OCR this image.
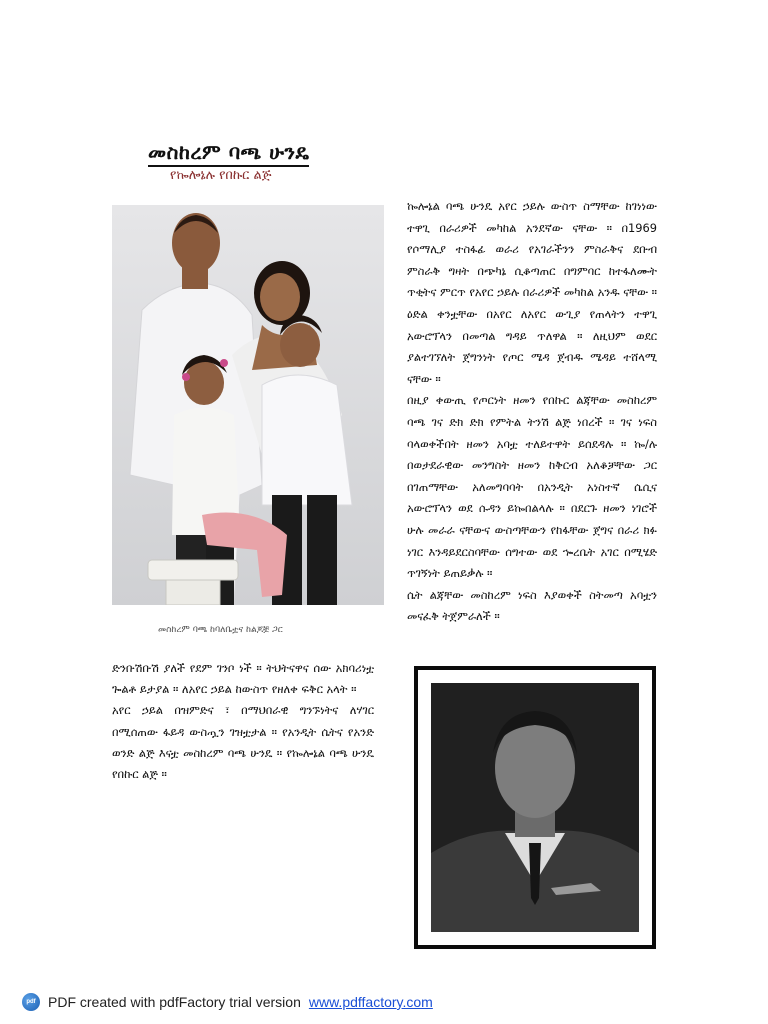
መስከረም ባጫ ሁንዴ
የኰሎኔሉ የበኩር ልጅ
መስከረም ባጫ ከባለቤቷና ከልጆቿ ጋር

ድንቡሽቡሽ ያለች የደም ገንቦ ነች ። ትህትናዋና ሰው አክባሪነቷ ጐልቶ ይታያል ። ለአየር ኃይል ከውስጥ የዘለቀ ፍቅር አላት ።

አየር ኃይል በዝምድና ፣ በማህበራዊ ግንኙነትና ለሃገር በሚሰጠው ፋይዳ ውስጧን ገዝቷታል ። የአንዲት ሴትና የአንድ ወንድ ልጅ እናቷ መስከረም ባጫ ሁንዴ ። የኰሎኔል ባጫ ሁንዴ የበኩር ልጅ ።

ኰሎኔል ባጫ ሁንዴ አየር ኃይሉ ውስጥ ስማቸው ከገነነው ተዋጊ በራሪዎች መካከል አንደኛው ናቸው ። በ1969 የሶማሊያ ተስፋፊ ወራሪ የአገራችንን ምስራቅና ደቡብ ምስራቅ ግዛት በጭካኔ ሲቆጣጠር በግምባር ከተፋለሙት ጥቂትና ምርጥ የአየር ኃይሉ በራሪዎች መካከል አንዱ ናቸው ። ዕድል ቀንቷቸው በአየር ለአየር ውጊያ የጠላትን ተዋጊ አውሮፕላን በመጣል ግዳይ ጥለዋል ። ለዚህም ወደር ያልተገኘለት ጀግንነት የጦር ሜዳ ጀብዱ ሜዳይ ተሸላሚ ናቸው ።

በዚያ ቀውጢ የጦርነት ዘመን የበኩር ልጃቸው መስከረም ባጫ ገና ድክ ድክ የምትል ትንሽ ልጅ ነበረች ። ገና ነፍስ ባላወቀችበት ዘመን አባቷ ተለይተዋት ይሰደዳሉ ። ኰ/ሉ በወታደራዊው መንግስት ዘመን ከቅርብ አለቆቻቸው ጋር በገጠማቸው አለመግባባት በአንዲት አነስተኛ ሴሲና አውሮፕላን ወደ ሱዳን ይኰበልላሉ ። በደርጉ ዘመን ነገሮች ሁሉ መራራ ናቸውና ውስጣቸውን የከፋቸው ጀግና በራሪ ክፉ ነገር እንዳይደርስባቸው ሰግተው ወደ ኈረቤት አገር በሚሄድ ጥገኝነት ይጠይቃሉ ።

ሴት ልጃቸው መስከረም ነፍስ እያወቀች ስትመጣ አባቷን መናፈቅ ትጀምራለች ።

pdf PDF created with pdfFactory trial version www.pdffactory.com
